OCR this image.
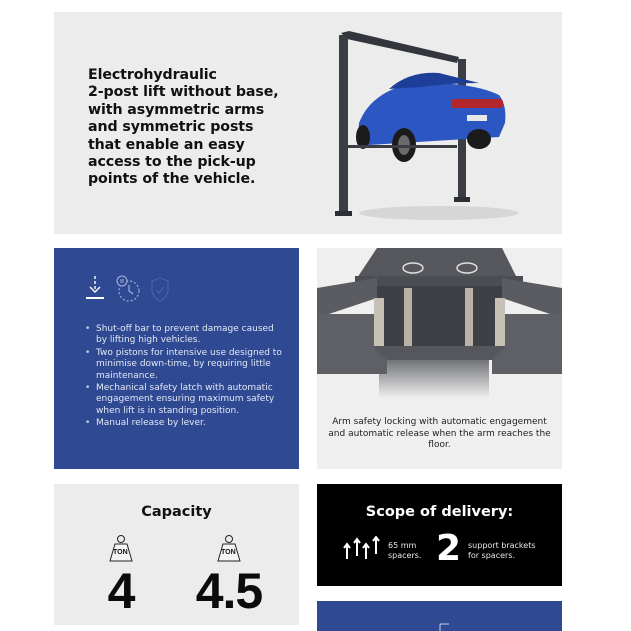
Electrohydraulic
2-post lift without base,
with asymmetric arms
and symmetric posts
that enable an easy
access to the pick-up
points of the vehicle.
• Shut-off bar to prevent damage caused by lifting high vehicles.
• Two pistons for intensive use designed to minimise down-time, by requiring little maintenance.
• Mechanical safety latch with automatic engagement ensuring maximum safety when lift is in standing position.
• Manual release by lever.	Arm safety locking with automatic engagement and automatic release when the arm reaches the floor.
Capacity
TON
4
TON
4.5
Scope of delivery:
65 mm
spacers. 2 support brackets
for spacers.
